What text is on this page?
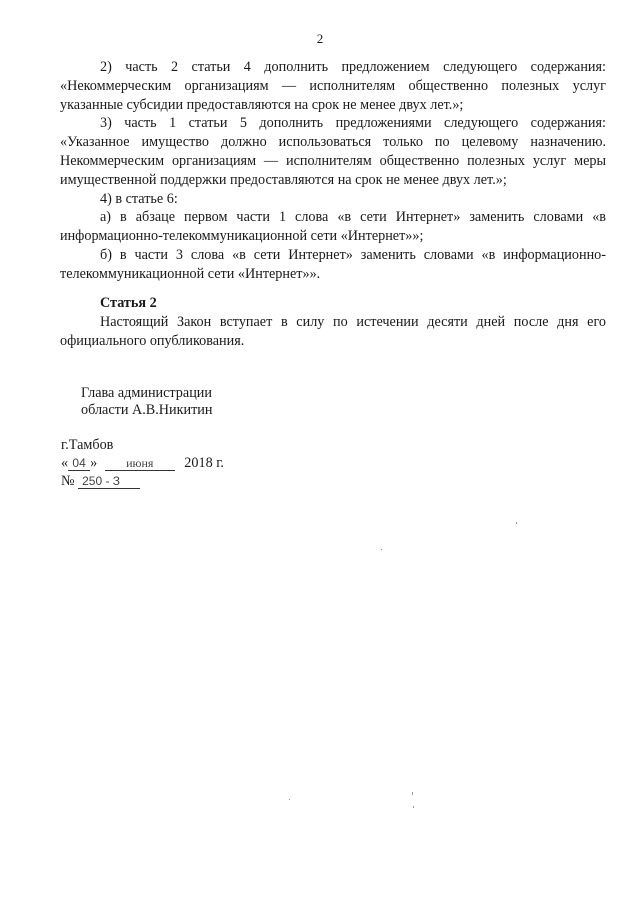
2

2) часть 2 статьи 4 дополнить предложением следующего содержания: «Некоммерческим организациям — исполнителям общественно полезных услуг указанные субсидии предоставляются на срок не менее двух лет.»;

3) часть 1 статьи 5 дополнить предложениями следующего содержания: «Указанное имущество должно использоваться только по целевому назначению. Некоммерческим организациям — исполнителям общественно полезных услуг меры имущественной поддержки предоставляются на срок не менее двух лет.»;

4) в статье 6:

а) в абзаце первом части 1 слова «в сети Интернет» заменить словами «в информационно-телекоммуникационной сети «Интернет»»;

б) в части 3 слова «в сети Интернет» заменить словами «в информационно-телекоммуникационной сети «Интернет»».

Статья 2

Настоящий Закон вступает в силу по истечении десяти дней после дня его официального опубликования.

Глава администрации
области А.В.Никитин
г.Тамбов
« 04 » июня 2018 г.
№ 250 - З
